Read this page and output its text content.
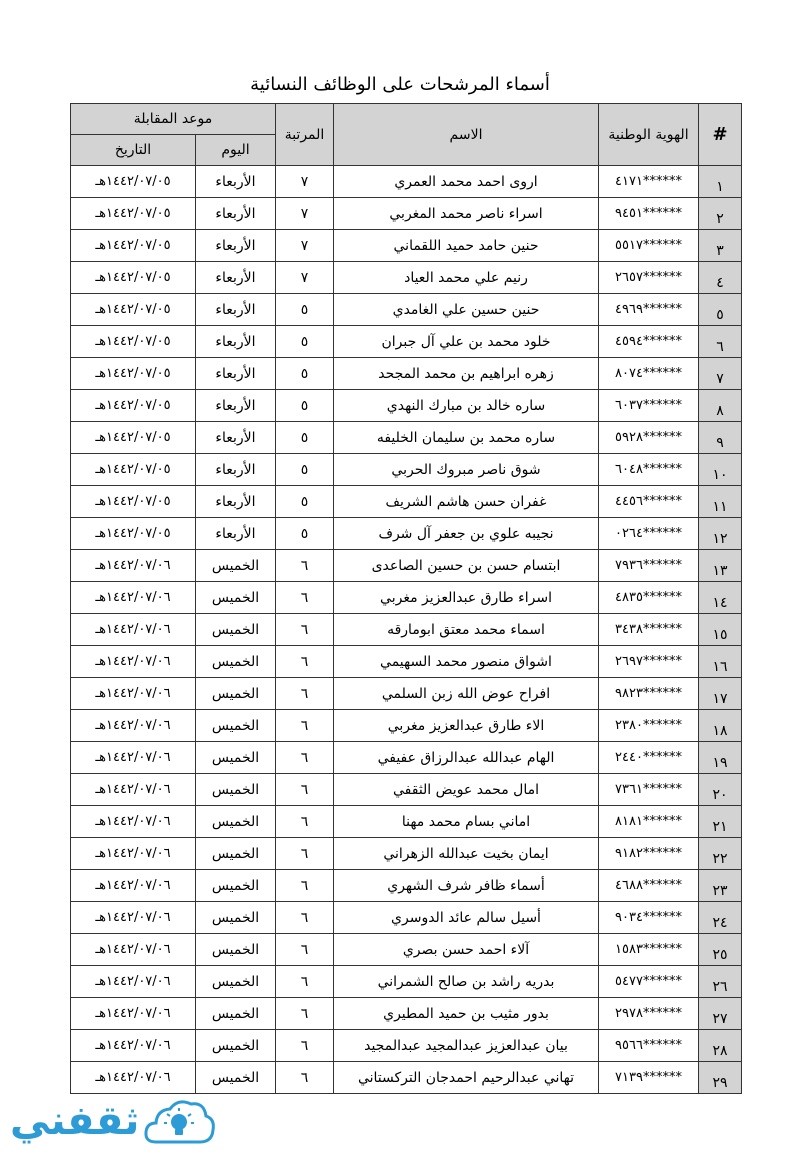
أسماء المرشحات على الوظائف النسائية
#	الهوية الوطنية	الاسم	المرتبة	موعد المقابلة	
				اليوم	التاريخ
١	******٤١٧١	اروى احمد محمد العمري	٧	الأربعاء	١٤٤٢/٠٧/٠٥هـ
٢	******٩٤٥١	اسراء ناصر محمد المغربي	٧	الأربعاء	١٤٤٢/٠٧/٠٥هـ
٣	******٥٥١٧	حنين حامد حميد اللقماني	٧	الأربعاء	١٤٤٢/٠٧/٠٥هـ
٤	******٢٦٥٧	رنيم علي محمد العياد	٧	الأربعاء	١٤٤٢/٠٧/٠٥هـ
٥	******٤٩٦٩	حنين حسين علي الغامدي	٥	الأربعاء	١٤٤٢/٠٧/٠٥هـ
٦	******٤٥٩٤	خلود محمد بن علي آل جبران	٥	الأربعاء	١٤٤٢/٠٧/٠٥هـ
٧	******٨٠٧٤	زهره ابراهيم بن محمد المجحد	٥	الأربعاء	١٤٤٢/٠٧/٠٥هـ
٨	******٦٠٣٧	ساره خالد بن مبارك النهدي	٥	الأربعاء	١٤٤٢/٠٧/٠٥هـ
٩	******٥٩٢٨	ساره محمد بن سليمان الخليفه	٥	الأربعاء	١٤٤٢/٠٧/٠٥هـ
١٠	******٦٠٤٨	شوق ناصر مبروك الحربي	٥	الأربعاء	١٤٤٢/٠٧/٠٥هـ
١١	******٤٤٥٦	غفران حسن هاشم الشريف	٥	الأربعاء	١٤٤٢/٠٧/٠٥هـ
١٢	******٠٢٦٤	نجيبه علوي بن جعفر آل شرف	٥	الأربعاء	١٤٤٢/٠٧/٠٥هـ
١٣	******٧٩٣٦	ابتسام حسن بن حسين الصاعدى	٦	الخميس	١٤٤٢/٠٧/٠٦هـ
١٤	******٤٨٣٥	اسراء طارق عبدالعزيز مغربي	٦	الخميس	١٤٤٢/٠٧/٠٦هـ
١٥	******٣٤٣٨	اسماء محمد معتق ابومارقه	٦	الخميس	١٤٤٢/٠٧/٠٦هـ
١٦	******٢٦٩٧	اشواق منصور محمد السهيمي	٦	الخميس	١٤٤٢/٠٧/٠٦هـ
١٧	******٩٨٢٣	افراح عوض الله زبن السلمي	٦	الخميس	١٤٤٢/٠٧/٠٦هـ
١٨	******٢٣٨٠	الاء طارق عبدالعزيز مغربي	٦	الخميس	١٤٤٢/٠٧/٠٦هـ
١٩	******٢٤٤٠	الهام عبدالله عبدالرزاق عفيفي	٦	الخميس	١٤٤٢/٠٧/٠٦هـ
٢٠	******٧٣٦١	امال محمد عويض الثقفي	٦	الخميس	١٤٤٢/٠٧/٠٦هـ
٢١	******٨١٨١	اماني بسام محمد مهنا	٦	الخميس	١٤٤٢/٠٧/٠٦هـ
٢٢	******٩١٨٢	ايمان بخيت عبدالله الزهراني	٦	الخميس	١٤٤٢/٠٧/٠٦هـ
٢٣	******٤٦٨٨	أسماء ظافر شرف الشهري	٦	الخميس	١٤٤٢/٠٧/٠٦هـ
٢٤	******٩٠٣٤	أسيل سالم عائد الدوسري	٦	الخميس	١٤٤٢/٠٧/٠٦هـ
٢٥	******١٥٨٣	آلاء احمد حسن بصري	٦	الخميس	١٤٤٢/٠٧/٠٦هـ
٢٦	******٥٤٧٧	بدريه راشد بن صالح الشمراني	٦	الخميس	١٤٤٢/٠٧/٠٦هـ
٢٧	******٢٩٧٨	بدور مثيب بن حميد المطيري	٦	الخميس	١٤٤٢/٠٧/٠٦هـ
٢٨	******٩٥٦٦	بيان عبدالعزيز عبدالمجيد عبدالمجيد	٦	الخميس	١٤٤٢/٠٧/٠٦هـ
٢٩	******٧١٣٩	تهاني عبدالرحيم احمدجان التركستاني	٦	الخميس	١٤٤٢/٠٧/٠٦هـ
ثقفني
